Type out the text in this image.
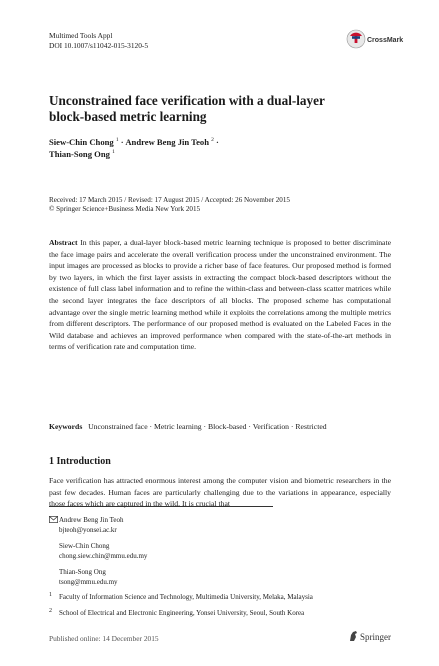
Multimed Tools Appl
DOI 10.1007/s11042-015-3120-5
CrossMark
Unconstrained face verification with a dual-layer
block-based metric learning
Siew-Chin Chong $^1$ · Andrew Beng Jin Teoh $^2$ ·
Thian-Song Ong $^1$
Received: 17 March 2015 / Revised: 17 August 2015 / Accepted: 26 November 2015
© Springer Science+Business Media New York 2015
Abstract In this paper, a dual-layer block-based metric learning technique is proposed to better discriminate the face image pairs and accelerate the overall verification process under the unconstrained environment. The input images are processed as blocks to provide a richer base of face features. Our proposed method is formed by two layers, in which the first layer assists in extracting the compact block-based descriptors without the existence of full class label information and to refine the within-class and between-class scatter matrices while the second layer integrates the face descriptors of all blocks. The proposed scheme has computational advantage over the single metric learning method while it exploits the correlations among the multiple metrics from different descriptors. The performance of our proposed method is evaluated on the Labeled Faces in the Wild database and achieves an improved performance when compared with the state-of-the-art methods in terms of verification rate and computation time.
Keywords Unconstrained face · Metric learning · Block-based · Verification · Restricted
1 Introduction
Face verification has attracted enormous interest among the computer vision and biometric researchers in the past few decades. Human faces are particularly challenging due to the variations in appearance, especially those faces which are captured in the wild. It is crucial that
Andrew Beng Jin Teoh
bjteoh@yonsei.ac.kr
Siew-Chin Chong
chong.siew.chin@mmu.edu.my
Thian-Song Ong
tsong@mmu.edu.my
1 Faculty of Information Science and Technology, Multimedia University, Melaka, Malaysia
2 School of Electrical and Electronic Engineering, Yonsei University, Seoul, South Korea
Published online: 14 December 2015	Springer
